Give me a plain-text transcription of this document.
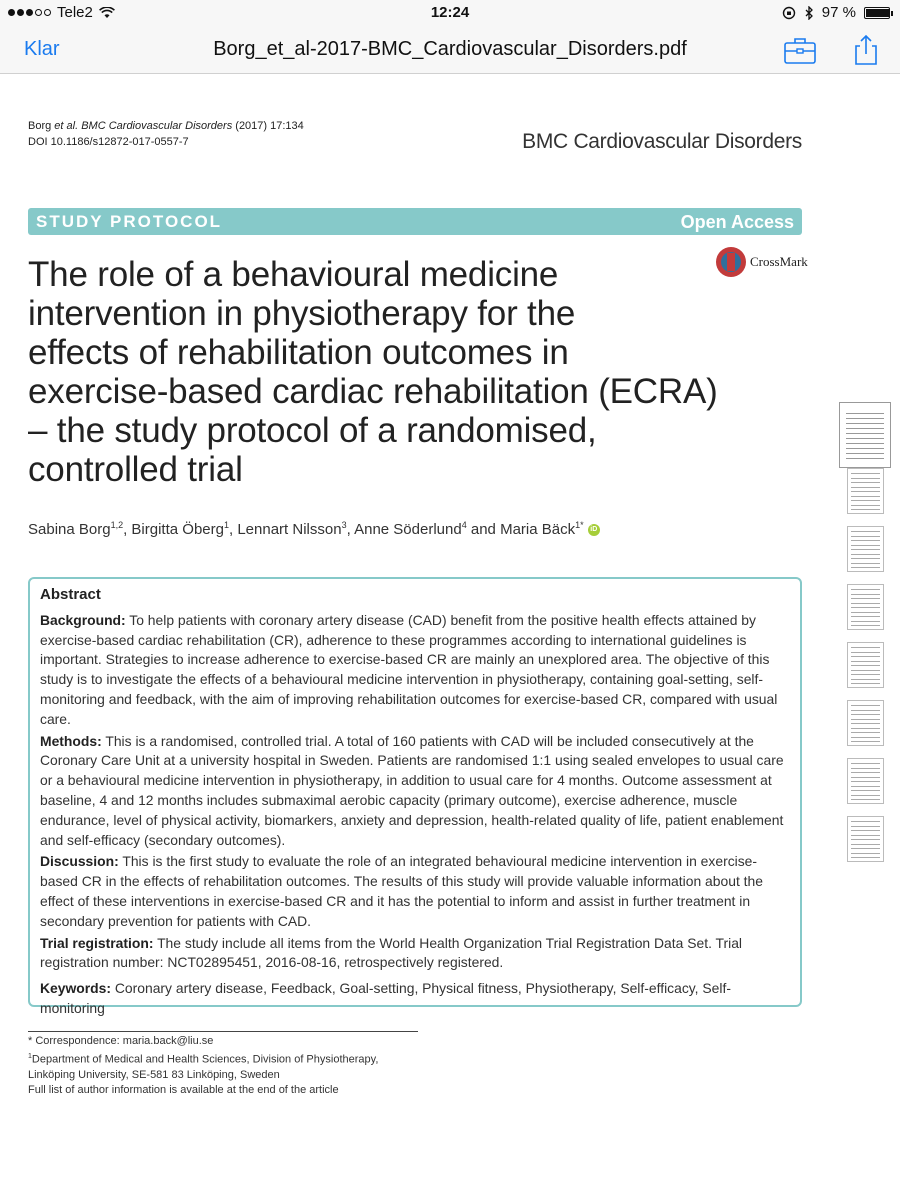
Tele2	12:24	97 %
Klar	Borg_et_al-2017-BMC_Cardiovascular_Disorders.pdf
Borg et al. BMC Cardiovascular Disorders (2017) 17:134
DOI 10.1186/s12872-017-0557-7	BMC Cardiovascular Disorders
STUDY PROTOCOL	Open Access
CrossMark
The role of a behavioural medicine
intervention in physiotherapy for the
effects of rehabilitation outcomes in
exercise-based cardiac rehabilitation (ECRA)
– the study protocol of a randomised,
controlled trial
Sabina Borg$^{1,2}$, Birgitta Öberg$^1$, Lennart Nilsson$^3$, Anne Söderlund$^4$ and Maria Bäck$^{1*}$ iD
Abstract

Background: To help patients with coronary artery disease (CAD) benefit from the positive health effects attained by exercise-based cardiac rehabilitation (CR), adherence to these programmes according to international guidelines is important. Strategies to increase adherence to exercise-based CR are mainly an unexplored area. The objective of this study is to investigate the effects of a behavioural medicine intervention in physiotherapy, containing goal-setting, self-monitoring and feedback, with the aim of improving rehabilitation outcomes for exercise-based CR, compared with usual care.

Methods: This is a randomised, controlled trial. A total of 160 patients with CAD will be included consecutively at the Coronary Care Unit at a university hospital in Sweden. Patients are randomised 1:1 using sealed envelopes to usual care or a behavioural medicine intervention in physiotherapy, in addition to usual care for 4 months. Outcome assessment at baseline, 4 and 12 months includes submaximal aerobic capacity (primary outcome), exercise adherence, muscle endurance, level of physical activity, biomarkers, anxiety and depression, health-related quality of life, patient enablement and self-efficacy (secondary outcomes).

Discussion: This is the first study to evaluate the role of an integrated behavioural medicine intervention in exercise-based CR in the effects of rehabilitation outcomes. The results of this study will provide valuable information about the effect of these interventions in exercise-based CR and it has the potential to inform and assist in further treatment in secondary prevention for patients with CAD.

Trial registration: The study include all items from the World Health Organization Trial Registration Data Set. Trial registration number: NCT02895451, 2016-08-16, retrospectively registered.

Keywords: Coronary artery disease, Feedback, Goal-setting, Physical fitness, Physiotherapy, Self-efficacy, Self-monitoring

* Correspondence: maria.back@liu.se
$^1$Department of Medical and Health Sciences, Division of Physiotherapy,
Linköping University, SE-581 83 Linköping, Sweden
Full list of author information is available at the end of the article
